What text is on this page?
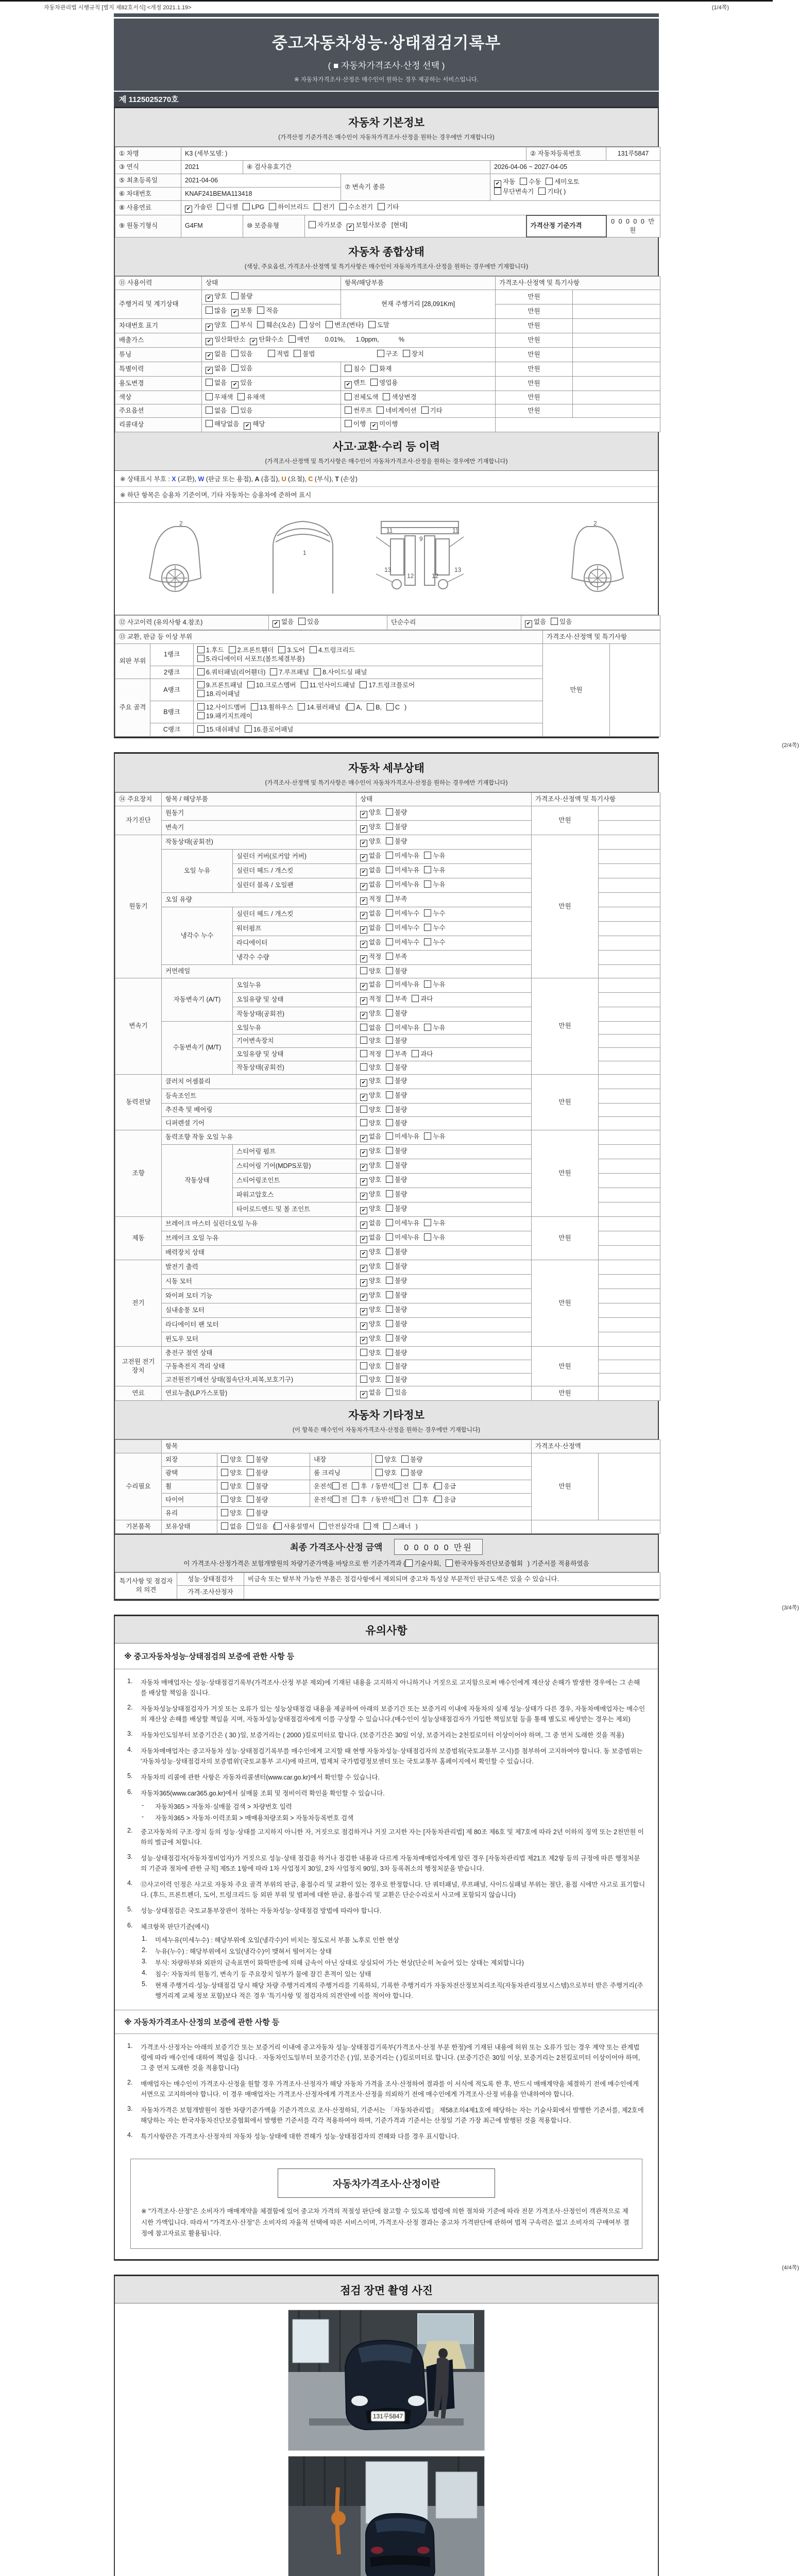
자동차관리법 시행규칙 [별지 제82호서식] <개정 2021.1.19>	(1/4쪽)
중고자동차성능·상태점검기록부
( ■ 자동차가격조사·산정 선택 )
※ 자동차가격조사·산정은 매수인이 원하는 경우 제공하는 서비스입니다.
제 1125025270호
자동차 기본정보
(가격산정 기준가격은 매수인이 자동차가격조사·산정을 원하는 경우에만 기재합니다)
① 차명	K3 (세부모델: )					② 자동차등록번호	131루5847
③ 연식	2021	④ 검사유효기간			2026-04-06 ~ 2027-04-05		
⑤ 최초등록일	2021-04-06			⑦ 변속기 종류	✔ 자동 수동 세미오토
무단변속기 기타( )		
⑥ 차대번호	KNAF241BEMA113418						
⑧ 사용연료	✔ 가솔린 디젤 LPG 하이브리드 전기 수소전기 기타						
⑨ 원동기형식	G4FM	⑩ 보증유형	자가보증 ✔ 보험사보증 [현대]			가격산정 기준가격	0 0 0 0 0 만원
자동차 종합상태
(색상, 주요옵션, 가격조사·산정액 및 특기사항은 매수인이 자동차가격조사·산정을 원하는 경우에만 기재합니다)
⑪ 사용이력	상태	항목/해당부품	가격조사·산정액 및 특기사항	
주행거리 및 계기상태	✔ 양호 불량	현재 주행거리 [28,091Km]	만원	
	많음 ✔ 보통 적음		만원	
차대번호 표기	✔ 양호 부식 훼손(오손) 상이 변조(변타) 도말		만원	
배출가스	✔ 일산화탄소 ✔ 탄화수소 매연      0.01%,      1.0ppm,           %		만원	
튜닝	✔ 없음 있음 적법 불법 구조 장치		만원	
특별이력	✔ 없음 있음	침수 화재	만원	
용도변경	없음 ✔ 있음	✔ 렌트 영업용	만원	
색상	무채색 유채색	전체도색 색상변경	만원	
주요옵션	없음 있음	썬루프 네비게이션 기타	만원	
리콜대상	해당없음 ✔ 해당	이행 ✔ 미이행		
사고·교환·수리 등 이력
(가격조사·산정액 및 특기사항은 매수인이 자동차가격조사·산정을 원하는 경우에만 기재합니다)
※ 상태표시 부호 : X (교환), W (판금 또는 용접), A (흠집), U (요철), C (부식), T (손상)
※ 하단 항목은 승용차 기준이며, 기타 자동차는 승용차에 준하여 표시
2
1
11	11
9
13	13
12	12
2
⑫ 사고이력 (유의사항 4.참조)	✔ 없음 있음	단순수리	✔ 없음 있음
⑬ 교환, 판금 등 이상 부위			가격조사·산정액 및 특기사항	
외판 부위	1랭크	1.후드 2.프론트휀더 3.도어 4.트렁크리드
5.라디에이터 서포트(볼트체결부품)	만원	
	2랭크	6.쿼터패널(리어휀더) 7.루프패널 8.사이드실 패널		
주요 골격	A랭크	9.프론트패널 10.크로스멤버 11.인사이드패널 17.트렁크플로어
18.리어패널		
	B랭크	12.사이드멤버 13.휠하우스 14.필러패널 ( A, B, C )
19.패키지트레이		
	C랭크	15.대쉬패널 16.플로어패널		
(2/4쪽)
자동차 세부상태
(가격조사·산정액 및 특기사항은 매수인이 자동차가격조사·산정을 원하는 경우에만 기재합니다)
⑭ 주요장치	항목 / 해당부품		상태	가격조사·산정액 및 특기사항	
자기진단	원동기		✔ 양호 불량	만원	
	변속기		✔ 양호 불량		
원동기	작동상태(공회전)		✔ 양호 불량	만원	
	오일 누유	실린더 커버(로커암 커버)	✔ 없음 미세누유 누유		
		실린더 헤드 / 개스킷	✔ 없음 미세누유 누유		
		실린더 블록 / 오일팬	✔ 없음 미세누유 누유		
	오일 유량		✔ 적정 부족		
	냉각수 누수	실린더 헤드 / 개스킷	✔ 없음 미세누수 누수		
		워터펌프	✔ 없음 미세누수 누수		
		라디에이터	✔ 없음 미세누수 누수		
		냉각수 수량	✔ 적정 부족		
	커먼레일		양호 불량		
변속기	자동변속기 (A/T)	오일누유	✔ 없음 미세누유 누유	만원	
		오일유량 및 상태	✔ 적정 부족 과다		
		작동상태(공회전)	✔ 양호 불량		
	수동변속기 (M/T)	오일누유	없음 미세누유 누유		
		기어변속장치	양호 불량		
		오일유량 및 상태	적정 부족 과다		
		작동상태(공회전)	양호 불량		
동력전달	클러치 어셈블리		✔ 양호 불량	만원	
	등속조인트		✔ 양호 불량		
	추진축 및 베어링		양호 불량		
	디퍼렌셜 기어		양호 불량		
조향	동력조향 작동 오일 누유		✔ 없음 미세누유 누유	만원	
	작동상태	스티어링 펌프	✔ 양호 불량		
		스티어링 기어(MDPS포함)	✔ 양호 불량		
		스티어링조인트	✔ 양호 불량		
		파워고압호스	✔ 양호 불량		
		타이로드엔드 및 볼 조인트	✔ 양호 불량		
제동	브레이크 마스터 실린더오일 누유		✔ 없음 미세누유 누유	만원	
	브레이크 오일 누유		✔ 없음 미세누유 누유		
	배력장치 상태		✔ 양호 불량		
전기	발전기 출력		✔ 양호 불량	만원	
	시동 모터		✔ 양호 불량		
	와이퍼 모터 기능		✔ 양호 불량		
	실내송풍 모터		✔ 양호 불량		
	라디에이터 팬 모터		✔ 양호 불량		
	윈도우 모터		✔ 양호 불량		
고전원 전기장치	충전구 절연 상태		양호 불량	만원	
	구동축전지 격리 상태		양호 불량		
	고전원전기배선 상태(접속단자,피복,보호기구)		양호 불량		
연료	연료누출(LP가스포함)		✔ 없음 있음	만원	
자동차 기타정보
(이 항목은 매수인이 자동차가격조사·산정을 원하는 경우에만 기재합니다)
	항목				가격조사·산정액	
수리필요	외장	양호 불량	내장	양호 불량	만원	
	광택	양호 불량	룸 크리닝	양호 불량		
	휠	양호 불량	운전석 전 후 / 동반석 전 후 / 응급			
	타이어	양호 불량	운전석 전 후 / 동반석 전 후 / 응급			
	유리	양호 불량				
기본품목	보유상태	없음 있음 ( 사용설명서 안전삼각대 잭 스패너 )				
최종 가격조사·산정 금액	0 0 0 0 0 만원
이 가격조사·산정가격은 보험개발원의 차량기준가액을 바탕으로 한 기준가격과 ( 기술사회, 한국자동차진단보증협회 ) 기준서를 적용하였음
특기사항 및 점검자의 의견	성능·상태점검자	비금속 또는 탈부착 가능한 부품은 점검사항에서 제외되며 중고차 특성상 부분적인 판금도색은 있을 수 있습니다.
	가격·조사산정자	
(3/4쪽)
유의사항
※ 중고자동차성능·상태점검의 보증에 관한 사항 등
1.	자동차 매매업자는 성능·상태점검기록부(가격조사·산정 부분 제외)에 기재된 내용을 고지하지 아니하거나 거짓으로 고지함으로써 매수인에게 재산상 손해가 발생한 경우에는 그 손해를 배상할 책임을 집니다.
2.	자동차성능상태점검자가 거짓 또는 오류가 있는 성능상태점검 내용을 제공하여 아래의 보증기간 또는 보증거리 이내에 자동차의 실제 성능·상태가 다른 경우, 자동차매매업자는 매수인의 재산상 손해를 배상할 책임을 지며, 자동차성능상태점검자에게 이를 구상할 수 있습니다.(매수인이 성능상태점검자가 가입한 책임보험 등을 통해 별도로 배상받는 경우는 제외)
3.	자동차인도일부터 보증기간은 ( 30 )일, 보증거리는 ( 2000 )킬로미터로 합니다. (보증기간은 30일 이상, 보증거리는 2천킬로미터 이상이어야 하며, 그 중 먼저 도래한 것을 적용)
4.	자동차매매업자는 중고자동차 성능·상태점검기록부를 매수인에게 고지할 때 현행 자동차성능·상태점검자의 보증범위(국토교통부 고시)를 첨부하여 고지하여야 합니다. 동 보증범위는 '자동차성능·상태점검자의 보증범위'(국토교통부 고시)에 따르며, 법제처 국가법령정보센터 또는 국토교통부 홈페이지에서 확인할 수 있습니다.
5.	자동차의 리콜에 관한 사항은 자동차리콜센터(www.car.go.kr)에서 확인할 수 있습니다.
6.	자동차365(www.car365.go.kr)에서 실매물 조회 및 정비이력 확인을 확인할 수 있습니다.
-	자동차365 > 자동차·실매물 검색 > 차량번호 입력
-	자동차365 > 자동차·이력조회 > 매매용차량조회 > 자동차등록번호 검색
2.	중고자동차의 구조·장치 등의 성능·상태를 고지하지 아니한 자, 거짓으로 점검하거나 거짓 고지한 자는 [자동차관리법] 제 80조 제6호 및 제7호에 따라 2년 이하의 징역 또는 2천만원 이하의 벌금에 처합니다.
3.	성능·상태점검자(자동차정비업자)가 거짓으로 성능·상태 점검을 하거나 점검한 내용과 다르게 자동차매매업자에게 알린 경우 [자동차관리법 제21조 제2항 등의 규정에 따른 행정처분의 기준과 절차에 관한 규칙] 제5조 1항에 따라 1차 사업정지 30일, 2차 사업정지 90일, 3차 등록취소의 행정처분을 받습니다.
4.	⑫사고이력 인정은 사고로 자동차 주요 골격 부위의 판금, 용접수리 및 교환이 있는 경우로 한정합니다. 단 쿼터패널, 루프패널, 사이드실패널 부위는 절단, 용접 시에만 사고로 표기합니다. (후드, 프론트펜더, 도어, 트렁크리드 등 외판 부위 및 범퍼에 대한 판금, 용접수리 및 교환은 단순수리로서 사고에 포함되지 않습니다)
5.	성능·상태점검은 국토교통부장관이 정하는 자동차성능·상태점검 방법에 따라야 합니다.
6.	체크항목 판단기준(예시)
1.	미세누유(미세누수) : 해당부위에 오일(냉각수)이 비치는 정도로서 부품 노후로 인한 현상
2.	누유(누수) : 해당부위에서 오일(냉각수)이 맺혀서 떨어지는 상태
3.	부식: 차량하부와 외판의 금속표면이 화학반응에 의해 금속이 아닌 상태로 상실되어 가는 현상(단순히 녹슬어 있는 상태는 제외합니다)
4.	침수: 자동차의 원동기, 변속기 등 주요장치 일부가 물에 잠긴 흔적이 있는 상태
5.	현재 주행거리·성능·상태점검 당시 해당 차량 주행거리계의 주행거리를 기록하되, 기록한 주행거리가 자동차전산정보처리조직(자동차관리정보시스템)으로부터 받은 주행거리(주행거리계 교체 정보 포함)보다 적은 경우 '특기사항 및 점검자의 의견'란에 이를 적어야 합니다.
※ 자동차가격조사·산정의 보증에 관한 사항 등
1.	가격조사·산정자는 아래의 보증기간 또는 보증거리 이내에 중고자동차 성능·상태점검기록부(가격조사·산정 부분 한정)에 기재된 내용에 허위 또는 오류가 있는 경우 계약 또는 관계법령에 따라 매수인에 대하여 책임을 집니다. · 자동차인도일부터 보증기간은 ( )일, 보증거리는 ( )킬로미터로 합니다. (보증기간은 30일 이상, 보증거리는 2천킬로미터 이상이어야 하며, 그 중 먼저 도래한 것을 적용합니다)
2.	매매업자는 매수인이 가격조사·산정을 원할 경우 가격조사·산정자가 해당 자동차 가격을 조사·산정하여 결과를 이 서식에 적도록 한 후, 반드시 매매계약을 체결하기 전에 매수인에게 서면으로 고지하여야 합니다. 이 경우 매매업자는 가격조사·산정자에게 가격조사·산정을 의뢰하기 전에 매수인에게 가격조사·산정 비용을 안내하여야 합니다.
3.	자동차가격은 보험개발원이 정한 차량기준가액을 기준가격으로 조사·산정하되, 기준서는 「자동차관리법」 제58조의4제1호에 해당하는 자는 기술사회에서 발행한 기준서를, 제2호에 해당하는 자는 한국자동차진단보증협회에서 발행한 기준서를 각각 적용하여야 하며, 기준가격과 기준서는 산정일 기준 가장 최근에 발행된 것을 적용합니다.
4.	특기사항란은 가격조사·산정자의 자동차 성능·상태에 대한 견해가 성능·상태점검자의 견해와 다를 경우 표시합니다.
자동차가격조사·산정이란
※ "가격조사·산정"은 소비자가 매매계약을 체결함에 있어 중고차 가격의 적절성 판단에 참고할 수 있도록 법령에 의한 절차와 기준에 따라 전문 가격조사·산정인이 객관적으로 제시한 가액입니다. 따라서 "가격조사·산정"은 소비자의 자율적 선택에 따른 서비스이며, 가격조사·산정 결과는 중고차 가격판단에 관하여 법적 구속력은 없고 소비자의 구매여부 결정에 참고자료로 활용됩니다.
(4/4쪽)
점검 장면 촬영 사진
131루5847
